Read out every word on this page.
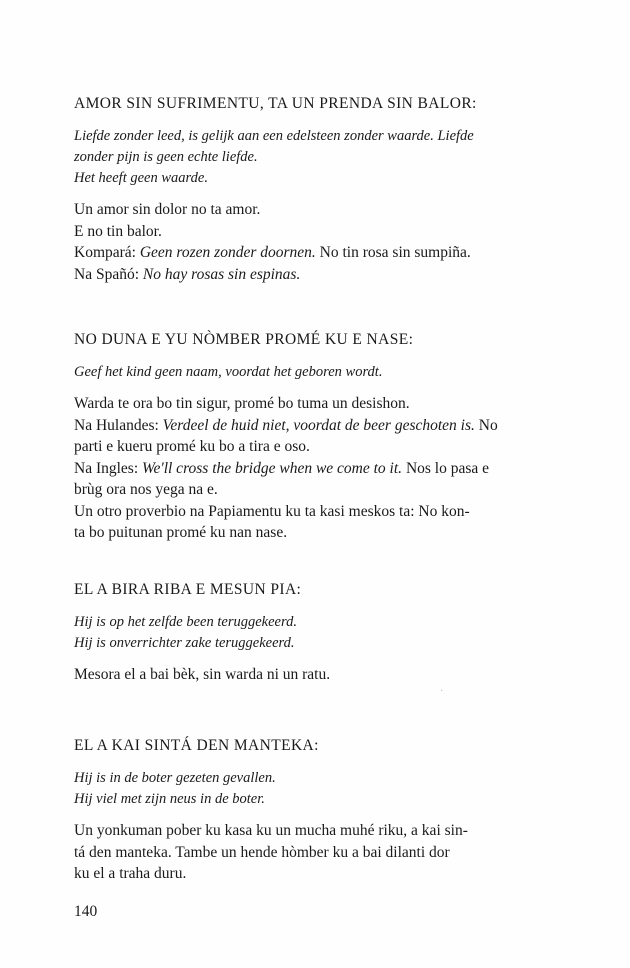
AMOR SIN SUFRIMENTU, TA UN PRENDA SIN BALOR:
Liefde zonder leed, is gelijk aan een edelsteen zonder waarde. Liefde
zonder pijn is geen echte liefde.
Het heeft geen waarde.
Un amor sin dolor no ta amor.
E no tin balor.
Kompará: Geen rozen zonder doornen. No tin rosa sin sumpiña.
Na Spañó: No hay rosas sin espinas.
NO DUNA E YU NÒMBER PROMÉ KU E NASE:
Geef het kind geen naam, voordat het geboren wordt.
Warda te ora bo tin sigur, promé bo tuma un desishon.
Na Hulandes: Verdeel de huid niet, voordat de beer geschoten is. No
parti e kueru promé ku bo a tira e oso.
Na Ingles: We'll cross the bridge when we come to it. Nos lo pasa e
brùg ora nos yega na e.
Un otro proverbio na Papiamentu ku ta kasi meskos ta: No kon-
ta bo puitunan promé ku nan nase.
EL A BIRA RIBA E MESUN PIA:
Hij is op het zelfde been teruggekeerd.
Hij is onverrichter zake teruggekeerd.
Mesora el a bai bèk, sin warda ni un ratu.
EL A KAI SINTÁ DEN MANTEKA:
Hij is in de boter gezeten gevallen.
Hij viel met zijn neus in de boter.
Un yonkuman pober ku kasa ku un mucha muhé riku, a kai sin-
tá den manteka. Tambe un hende hòmber ku a bai dilanti dor
ku el a traha duru.
140
·
